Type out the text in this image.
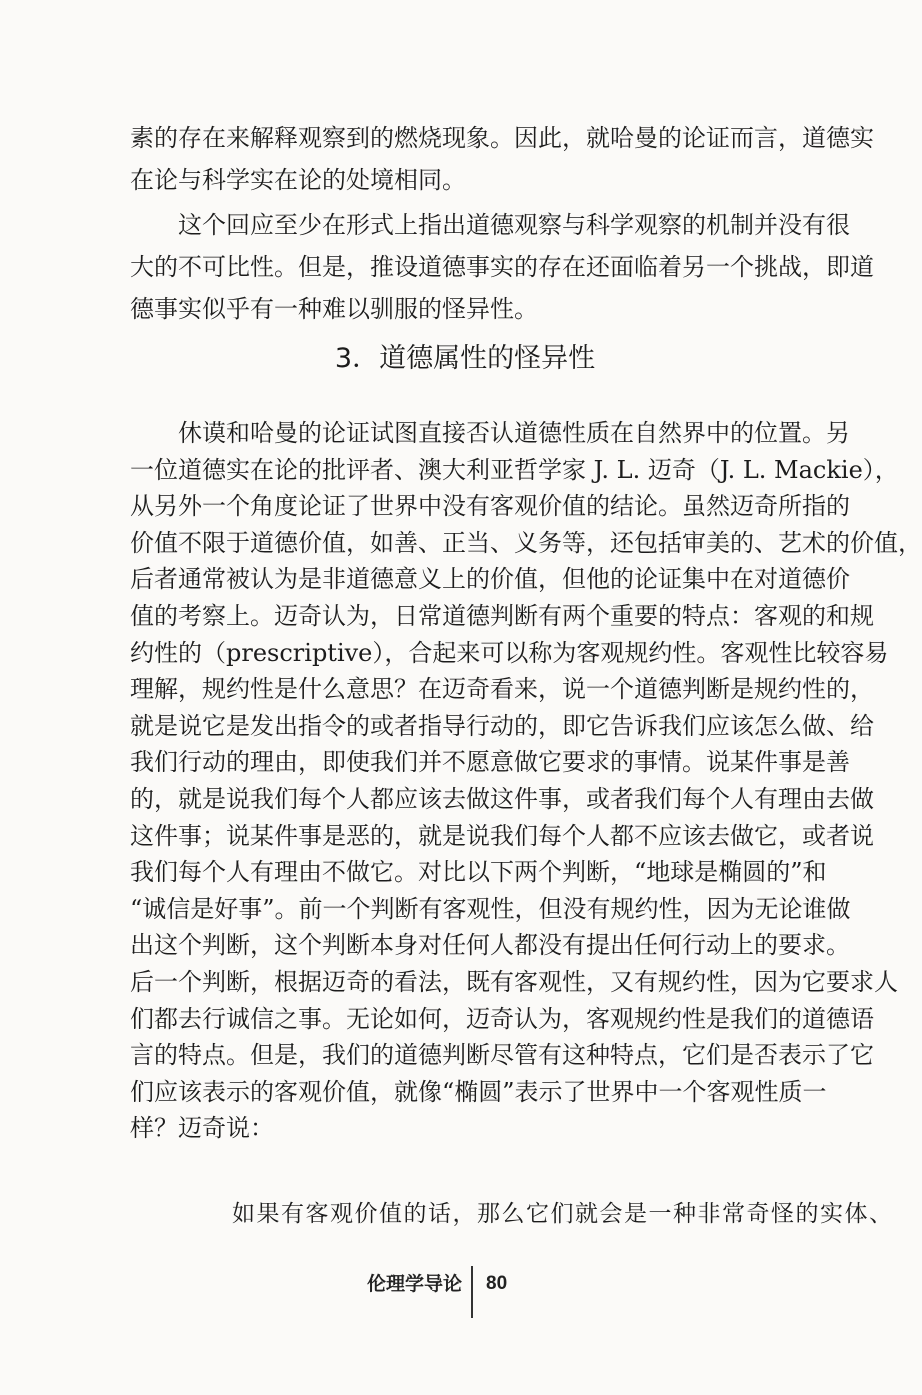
素的存在来解释观察到的燃烧现象。因此，就哈曼的论证而言，道德实
在论与科学实在论的处境相同。
这个回应至少在形式上指出道德观察与科学观察的机制并没有很
大的不可比性。但是，推设道德事实的存在还面临着另一个挑战，即道
德事实似乎有一种难以驯服的怪异性。
3．道德属性的怪异性
休谟和哈曼的论证试图直接否认道德性质在自然界中的位置。另
一位道德实在论的批评者、澳大利亚哲学家 J. L. 迈奇（J. L. Mackie），
从另外一个角度论证了世界中没有客观价值的结论。虽然迈奇所指的
价值不限于道德价值，如善、正当、义务等，还包括审美的、艺术的价值，
后者通常被认为是非道德意义上的价值，但他的论证集中在对道德价
值的考察上。迈奇认为，日常道德判断有两个重要的特点：客观的和规
约性的（prescriptive），合起来可以称为客观规约性。客观性比较容易
理解，规约性是什么意思？在迈奇看来，说一个道德判断是规约性的，
就是说它是发出指令的或者指导行动的，即它告诉我们应该怎么做、给
我们行动的理由，即使我们并不愿意做它要求的事情。说某件事是善
的，就是说我们每个人都应该去做这件事，或者我们每个人有理由去做
这件事；说某件事是恶的，就是说我们每个人都不应该去做它，或者说
我们每个人有理由不做它。对比以下两个判断，“地球是椭圆的”和
“诚信是好事”。前一个判断有客观性，但没有规约性，因为无论谁做
出这个判断，这个判断本身对任何人都没有提出任何行动上的要求。
后一个判断，根据迈奇的看法，既有客观性，又有规约性，因为它要求人
们都去行诚信之事。无论如何，迈奇认为，客观规约性是我们的道德语
言的特点。但是，我们的道德判断尽管有这种特点，它们是否表示了它
们应该表示的客观价值，就像“椭圆”表示了世界中一个客观性质一
伦理学导论 80
样？迈奇说：
如果有客观价值的话，那么它们就会是一种非常奇怪的实体、
